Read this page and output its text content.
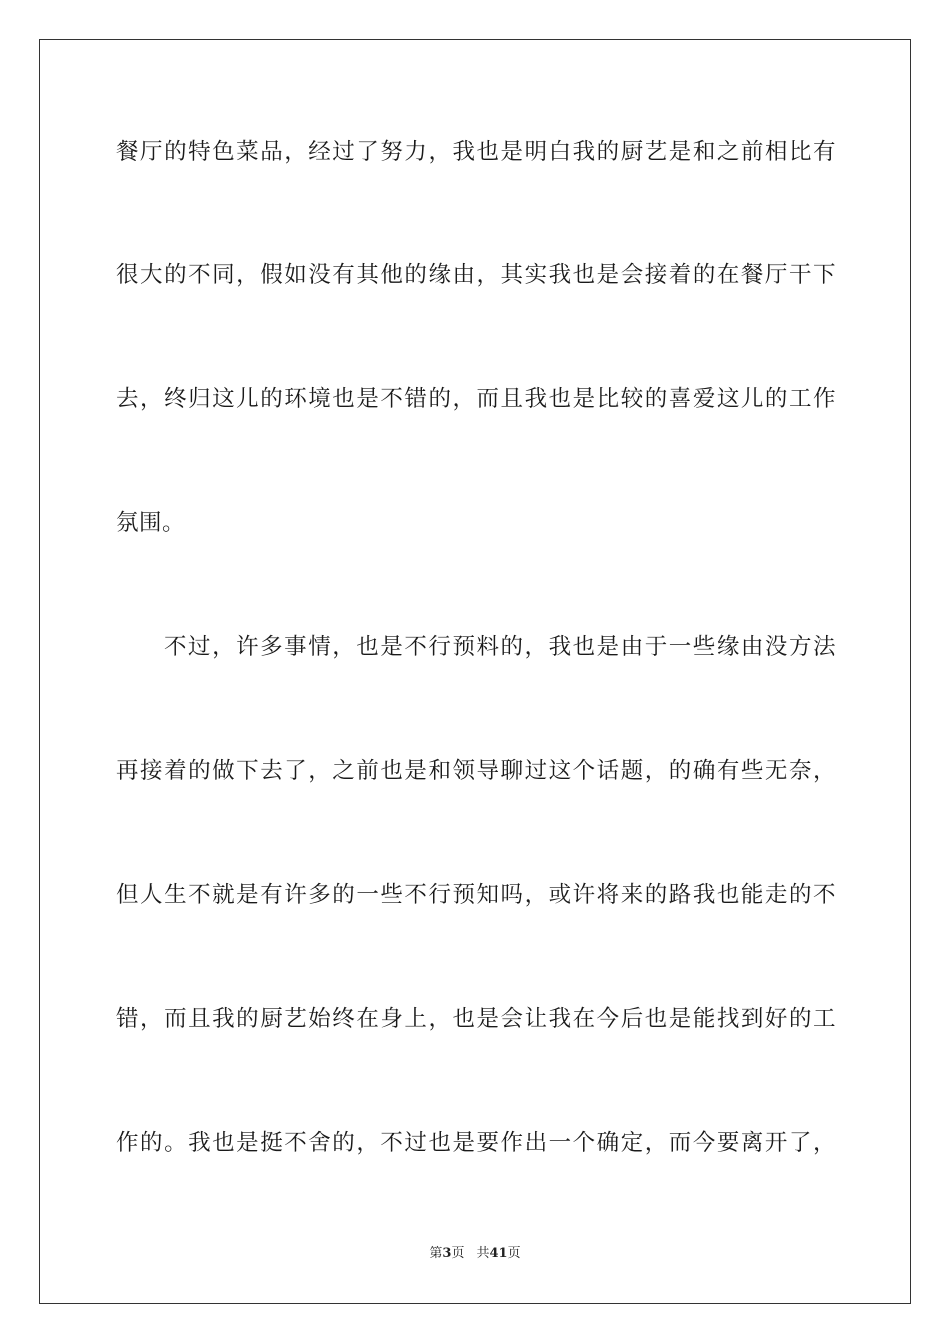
餐厅的特色菜品，经过了努力，我也是明白我的厨艺是和之前相比有
很大的不同，假如没有其他的缘由，其实我也是会接着的在餐厅干下
去，终归这儿的环境也是不错的，而且我也是比较的喜爱这儿的工作
氛围。
不过，许多事情，也是不行预料的，我也是由于一些缘由没方法
再接着的做下去了，之前也是和领导聊过这个话题，的确有些无奈，
但人生不就是有许多的一些不行预知吗，或许将来的路我也能走的不
错，而且我的厨艺始终在身上，也是会让我在今后也是能找到好的工
作的。我也是挺不舍的，不过也是要作出一个确定，而今要离开了，
第3页 共41页
